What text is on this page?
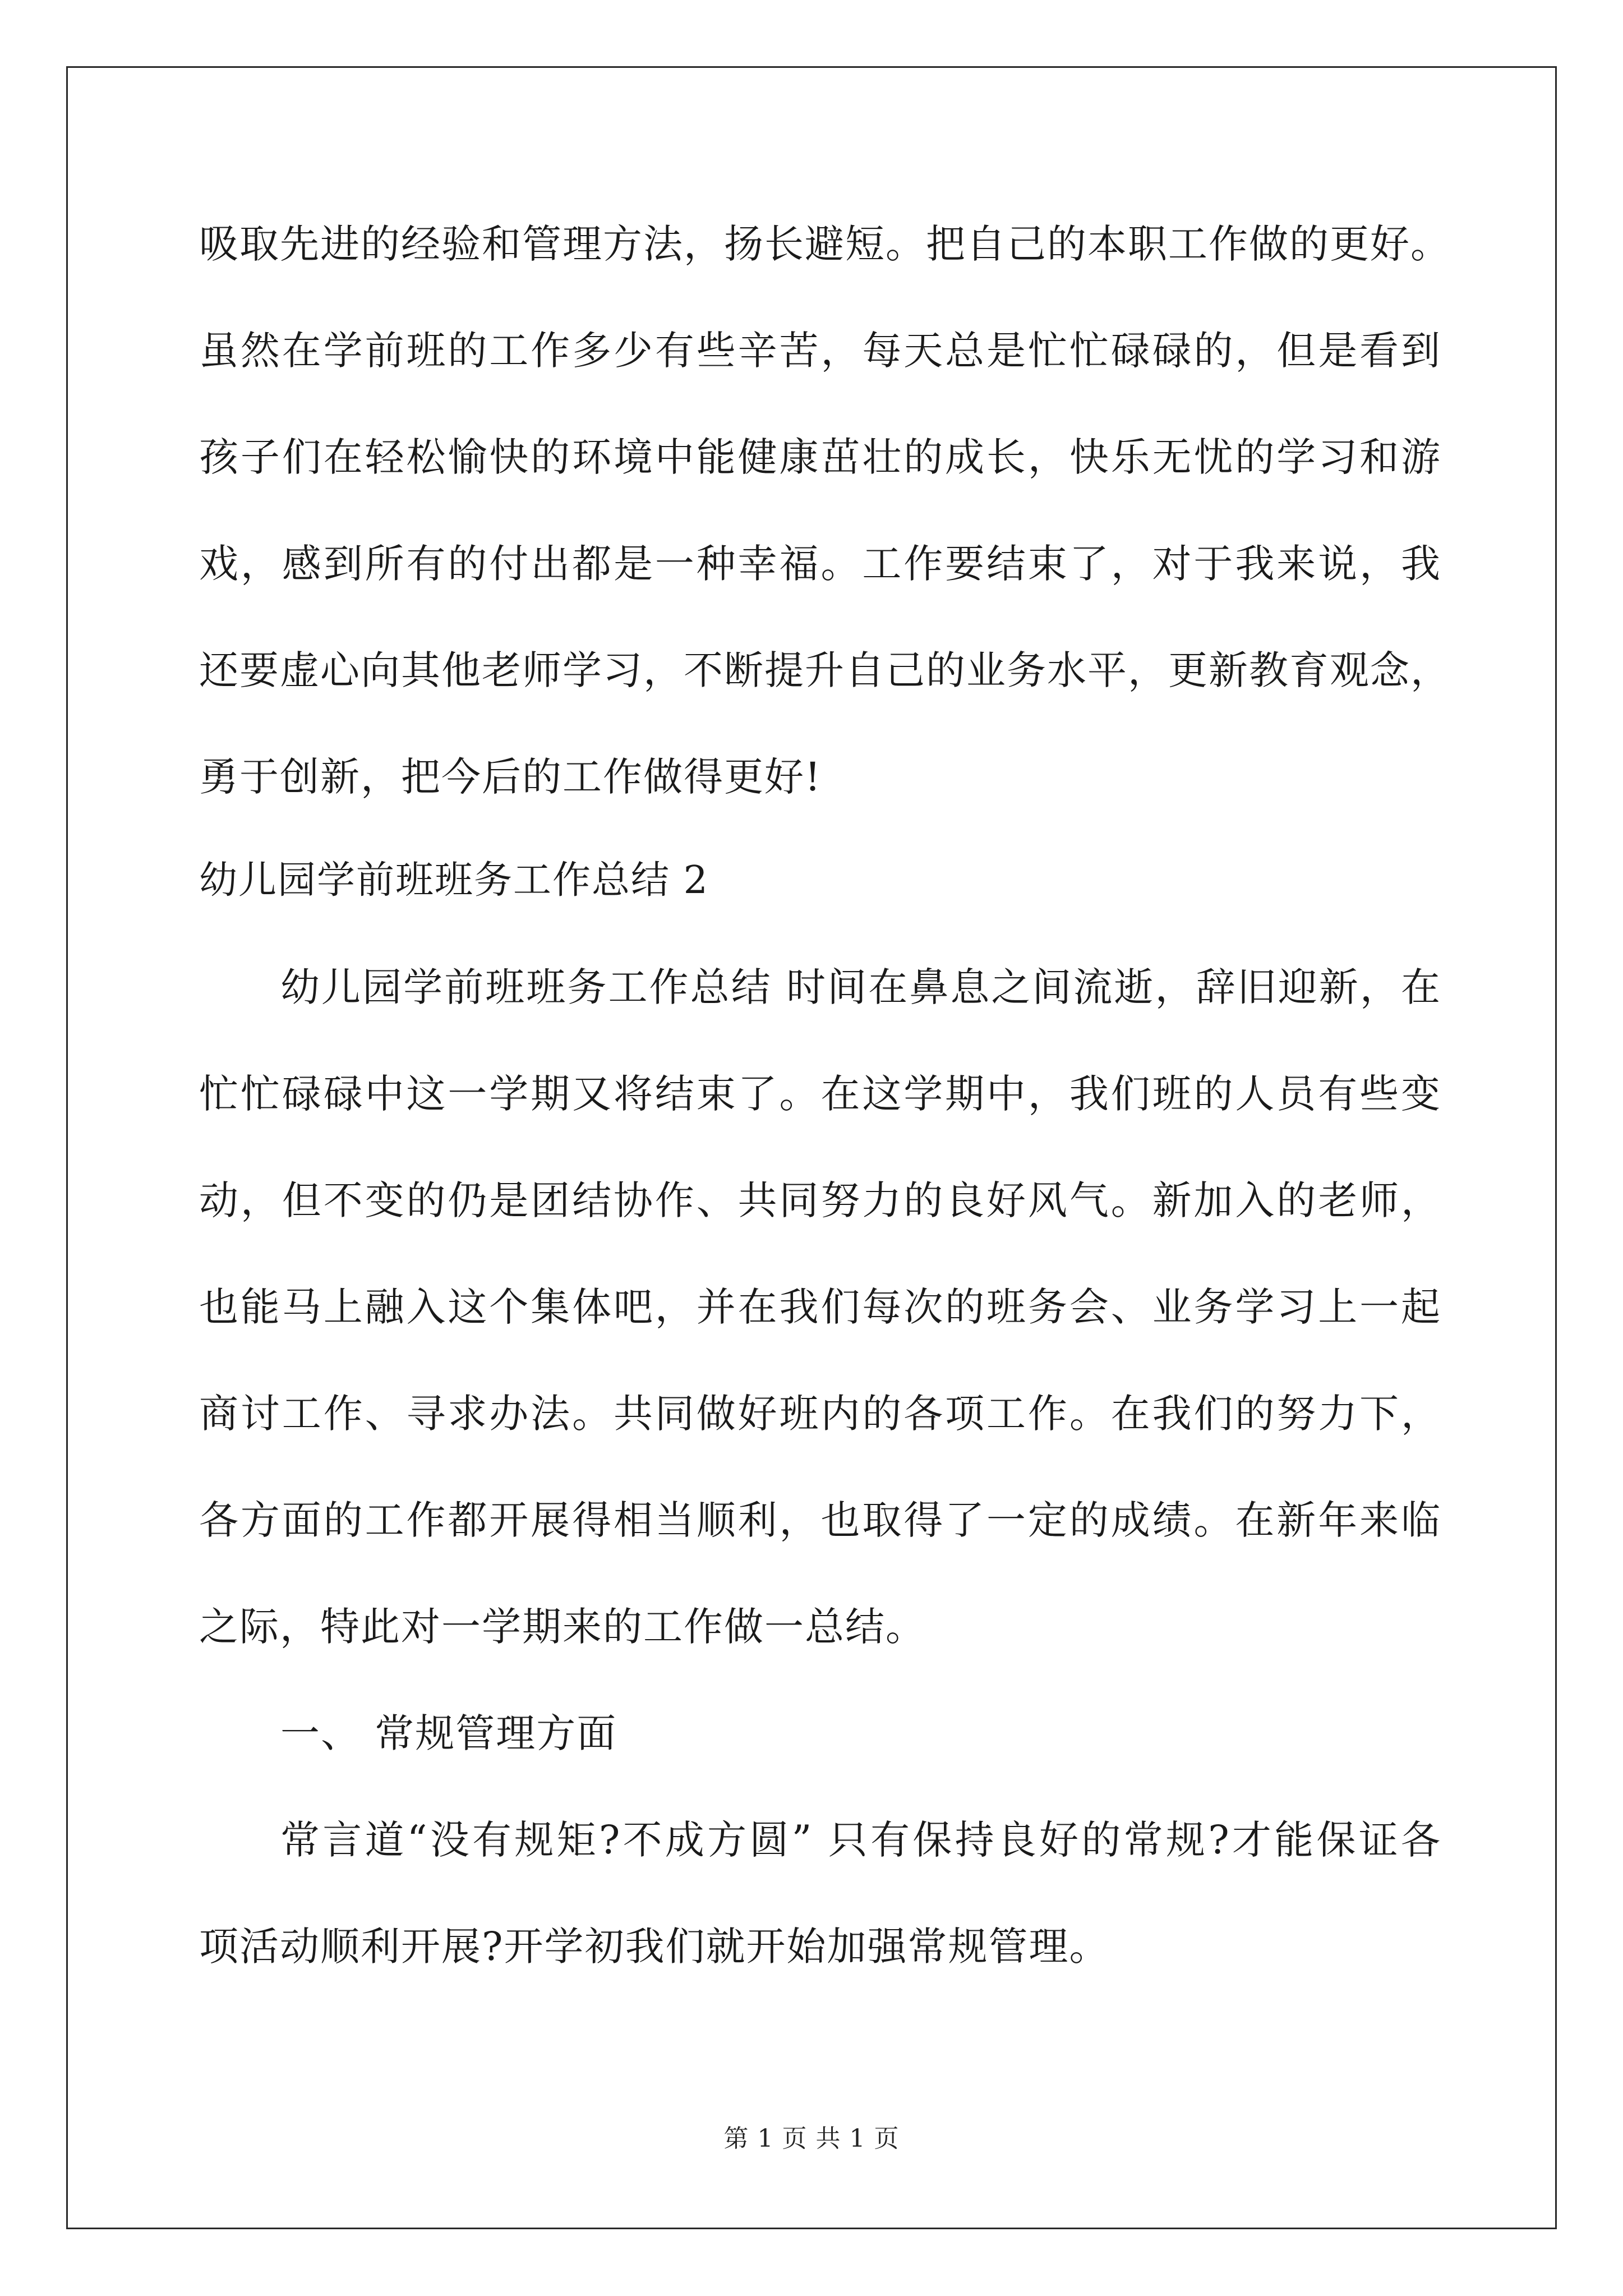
吸取先进的经验和管理方法，扬长避短。把自己的本职工作做的更好。
虽然在学前班的工作多少有些辛苦，每天总是忙忙碌碌的，但是看到
孩子们在轻松愉快的环境中能健康茁壮的成长，快乐无忧的学习和游
戏，感到所有的付出都是一种幸福。工作要结束了，对于我来说，我
还要虚心向其他老师学习，不断提升自己的业务水平，更新教育观念，
勇于创新，把今后的工作做得更好!
幼儿园学前班班务工作总结 2
幼儿园学前班班务工作总结 时间在鼻息之间流逝，辞旧迎新，在
忙忙碌碌中这一学期又将结束了。在这学期中，我们班的人员有些变
动，但不变的仍是团结协作、共同努力的良好风气。新加入的老师，
也能马上融入这个集体吧，并在我们每次的班务会、业务学习上一起
商讨工作、寻求办法。共同做好班内的各项工作。在我们的努力下，
各方面的工作都开展得相当顺利，也取得了一定的成绩。在新年来临
之际，特此对一学期来的工作做一总结。
一、 常规管理方面
常言道“没有规矩?不成方圆” 只有保持良好的常规?才能保证各
项活动顺利开展?开学初我们就开始加强常规管理。
第 1 页 共 1 页
